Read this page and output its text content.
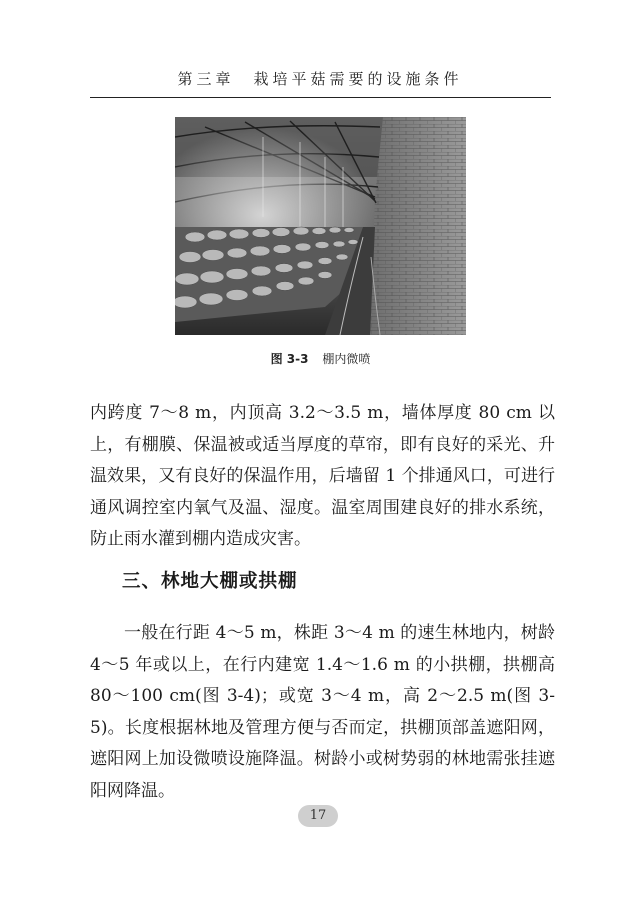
第三章　栽培平菇需要的设施条件
图 3-3 棚内微喷

内跨度 7～8 m，内顶高 3.2～3.5 m，墙体厚度 80 cm 以上，有棚膜、保温被或适当厚度的草帘，即有良好的采光、升温效果，又有良好的保温作用，后墙留 1 个排通风口，可进行通风调控室内氧气及温、湿度。温室周围建良好的排水系统，防止雨水灌到棚内造成灾害。

三、林地大棚或拱棚

一般在行距 4～5 m，株距 3～4 m 的速生林地内，树龄 4～5 年或以上，在行内建宽 1.4～1.6 m 的小拱棚，拱棚高 80～100 cm(图 3-4)；或宽 3～4 m，高 2～2.5 m(图 3-5)。长度根据林地及管理方便与否而定，拱棚顶部盖遮阳网，遮阳网上加设微喷设施降温。树龄小或树势弱的林地需张挂遮阳网降温。

17
